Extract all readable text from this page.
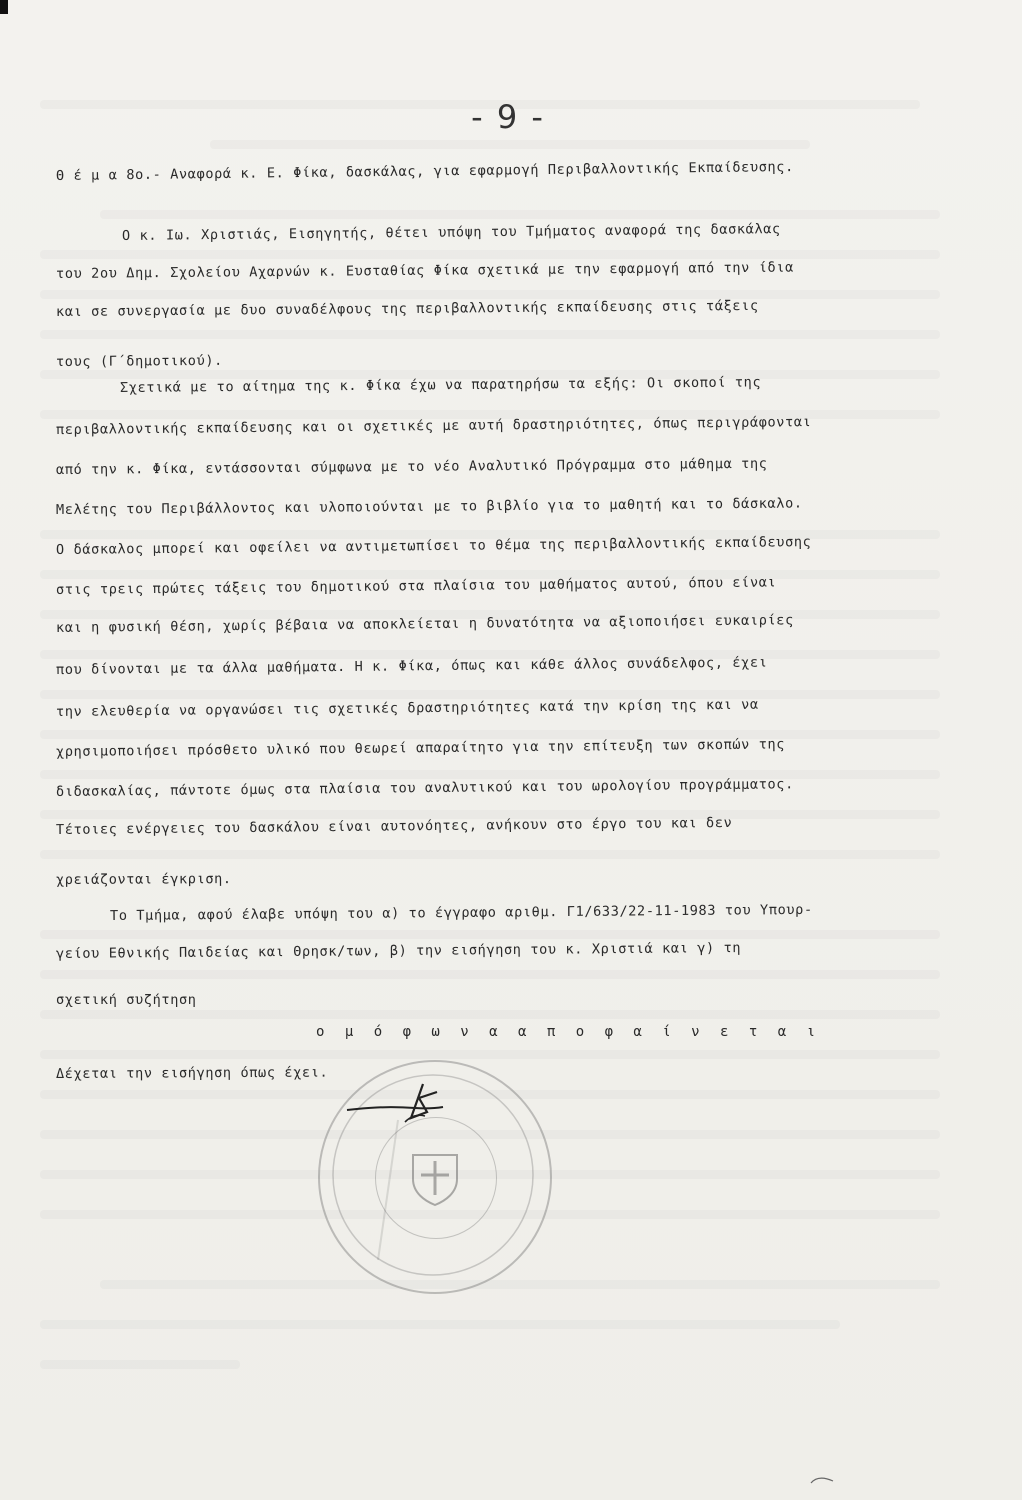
- 9 -
Θ έ μ α 8ο.- Αναφορά κ. Ε. Φίκα, δασκάλας, για εφαρμογή Περιβαλλοντικής Εκπαίδευσης.
Ο κ. Ιω. Χριστιάς, Εισηγητής, θέτει υπόψη του Τμήματος αναφορά της δασκάλας
του 2ου Δημ. Σχολείου Αχαρνών κ. Ευσταθίας Φίκα σχετικά με την εφαρμογή από την ίδια
και σε συνεργασία με δυο συναδέλφους της περιβαλλοντικής εκπαίδευσης στις τάξεις
τους (Γ΄δημοτικού).
Σχετικά με το αίτημα της κ. Φίκα έχω να παρατηρήσω τα εξής: Οι σκοποί της
περιβαλλοντικής εκπαίδευσης και οι σχετικές με αυτή δραστηριότητες, όπως περιγράφονται
από την κ. Φίκα, εντάσσονται σύμφωνα με το νέο Αναλυτικό Πρόγραμμα στο μάθημα της
Μελέτης του Περιβάλλοντος και υλοποιούνται με το βιβλίο για το μαθητή και το δάσκαλο.
Ο δάσκαλος μπορεί και οφείλει να αντιμετωπίσει το θέμα της περιβαλλοντικής εκπαίδευσης
στις τρεις πρώτες τάξεις του δημοτικού στα πλαίσια του μαθήματος αυτού, όπου είναι
και η φυσική θέση, χωρίς βέβαια να αποκλείεται η δυνατότητα να αξιοποιήσει ευκαιρίες
που δίνονται με τα άλλα μαθήματα. Η κ. Φίκα, όπως και κάθε άλλος συνάδελφος, έχει
την ελευθερία να οργανώσει τις σχετικές δραστηριότητες κατά την κρίση της και να
χρησιμοποιήσει πρόσθετο υλικό που θεωρεί απαραίτητο για την επίτευξη των σκοπών της
διδασκαλίας, πάντοτε όμως στα πλαίσια του αναλυτικού και του ωρολογίου προγράμματος.
Τέτοιες ενέργειες του δασκάλου είναι αυτονόητες, ανήκουν στο έργο του και δεν
χρειάζονται έγκριση.
Το Τμήμα, αφού έλαβε υπόψη του α) το έγγραφο αριθμ. Γ1/633/22-11-1983 του Υπουρ-
γείου Εθνικής Παιδείας και Θρησκ/των, β) την εισήγηση του κ. Χριστιά και γ) τη
σχετική συζήτηση
ο μ ό φ ω ν α α π ο φ α ί ν ε τ α ι
Δέχεται την εισήγηση όπως έχει.
